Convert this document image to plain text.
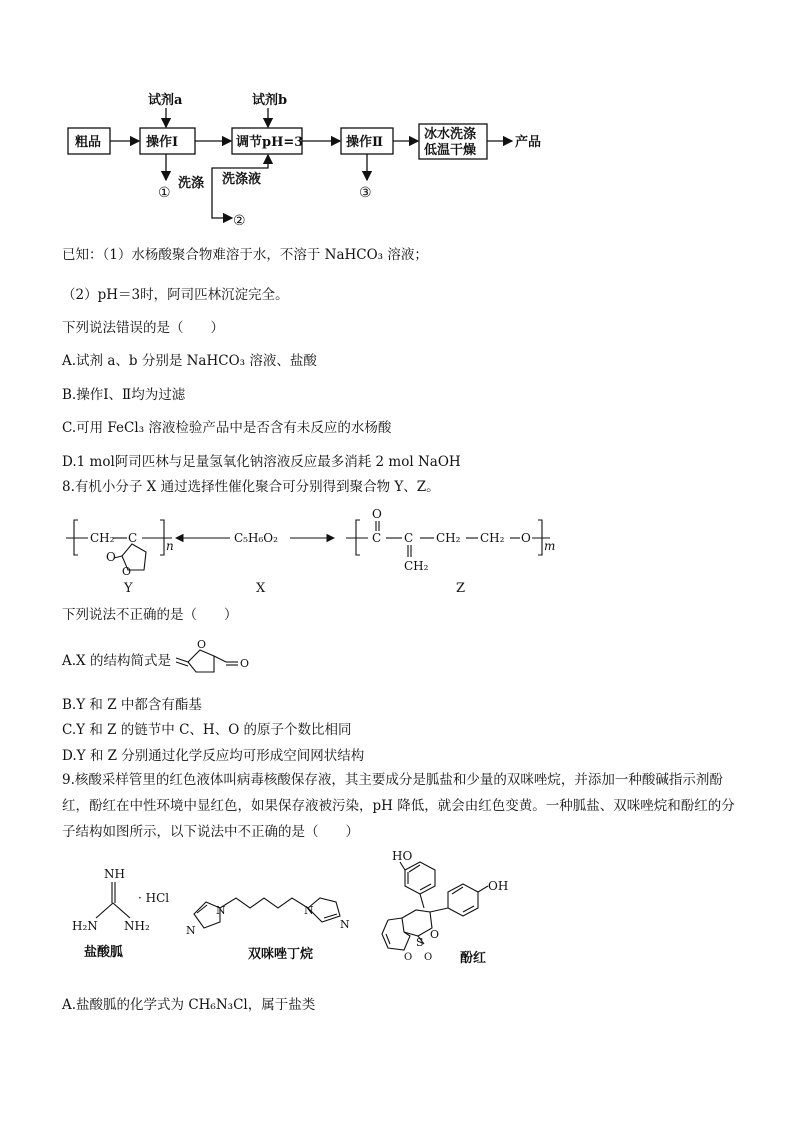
试剂a	试剂b
粗品	操作Ⅰ	调节pH=3	操作Ⅱ
冰水洗涤
低温干燥
产品
洗涤 洗涤液
①
②
③
已知：（1）水杨酸聚合物难溶于水，不溶于 NaHCO₃ 溶液；
（2）pH＝3时，阿司匹林沉淀完全。
下列说法错误的是（　　）
A.试剂 a、b 分别是 NaHCO₃ 溶液、盐酸
B.操作Ⅰ、Ⅱ均为过滤
C.可用 FeCl₃ 溶液检验产品中是否含有未反应的水杨酸
D.1 mol阿司匹林与足量氢氧化钠溶液反应最多消耗 2 mol NaOH
8.有机小分子 X 通过选择性催化聚合可分别得到聚合物 Y、Z。
CH₂ C
n
O
O
C₅H₆O₂
O
C C
CH₂
CH₂ CH₂ O
m
Y	X	Z
下列说法不正确的是（　　）
A.X 的结构简式是
O
O
B.Y 和 Z 中都含有酯基
C.Y 和 Z 的链节中 C、H、O 的原子个数比相同
D.Y 和 Z 分别通过化学反应均可形成空间网状结构
9.核酸采样管里的红色液体叫病毒核酸保存液，其主要成分是胍盐和少量的双咪唑烷，并添加一种酸碱指示剂酚红，酚红在中性环境中显红色，如果保存液被污染，pH 降低，就会由红色变黄。一种胍盐、双咪唑烷和酚红的分子结构如图所示，以下说法中不正确的是（　　）
NH
H₂N NH₂
· HCl
N
N	N
N
HO
OH
O
S
O O
盐酸胍	双咪唑丁烷	酚红
A.盐酸胍的化学式为 CH₆N₃Cl，属于盐类
